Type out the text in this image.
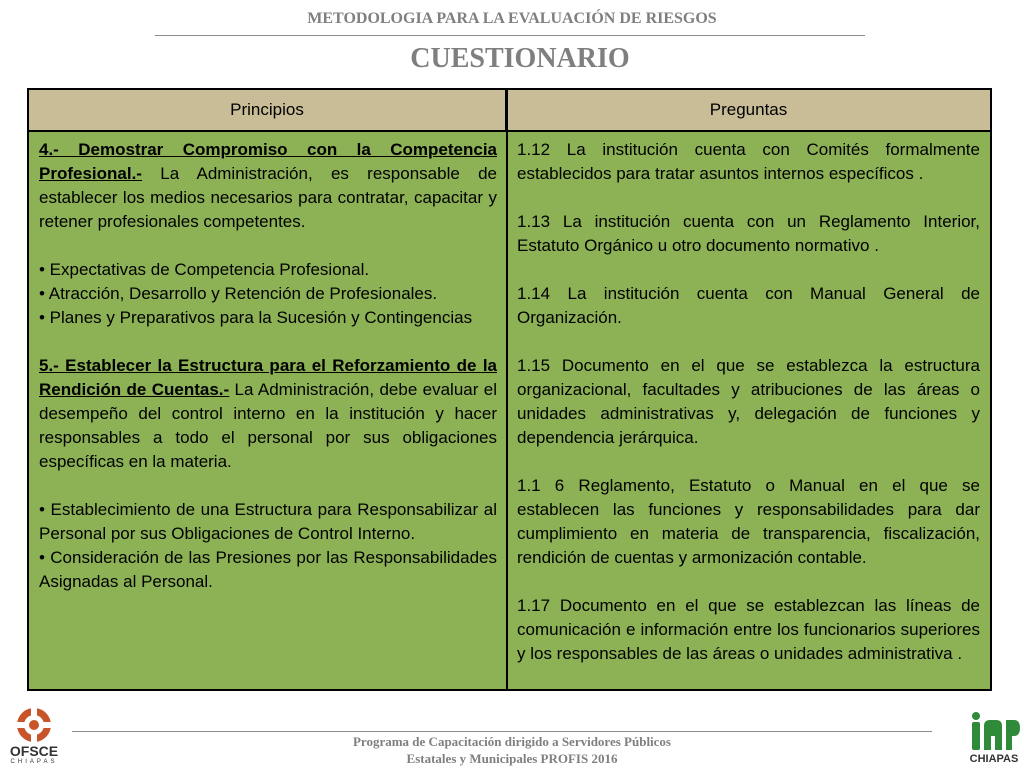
METODOLOGIA PARA LA EVALUACIÓN DE RIESGOS
CUESTIONARIO
Principios	Preguntas

4.- Demostrar Compromiso con la Competencia Profesional.- La Administración, es responsable de establecer los medios necesarios para contratar, capacitar y retener profesionales competentes.

• Expectativas de Competencia Profesional.

• Atracción, Desarrollo y Retención de Profesionales.

• Planes y Preparativos para la Sucesión y Contingencias

5.- Establecer la Estructura para el Reforzamiento de la Rendición de Cuentas.- La Administración, debe evaluar el desempeño del control interno en la institución y hacer responsables a todo el personal por sus obligaciones específicas en la materia.

• Establecimiento de una Estructura para Responsabilizar al Personal por sus Obligaciones de Control Interno.

• Consideración de las Presiones por las Responsabilidades Asignadas al Personal.

1.12 La institución cuenta con Comités formalmente establecidos para tratar asuntos internos específicos .

1.13 La institución cuenta con un Reglamento Interior, Estatuto Orgánico u otro documento normativo .

1.14 La institución cuenta con Manual General de Organización.

1.15 Documento en el que se establezca la estructura organizacional, facultades y atribuciones de las áreas o unidades administrativas y, delegación de funciones y dependencia jerárquica.

1.1 6 Reglamento, Estatuto o Manual en el que se establecen las funciones y responsabilidades para dar cumplimiento en materia de transparencia, fiscalización, rendición de cuentas y armonización contable.

1.17 Documento en el que se establezcan las líneas de comunicación e información entre los funcionarios superiores y los responsables de las áreas o unidades administrativa .

Programa de Capacitación dirigido a Servidores Públicos
Estatales y Municipales PROFIS 2016
OFSCE
CHIAPAS	CHIAPAS
